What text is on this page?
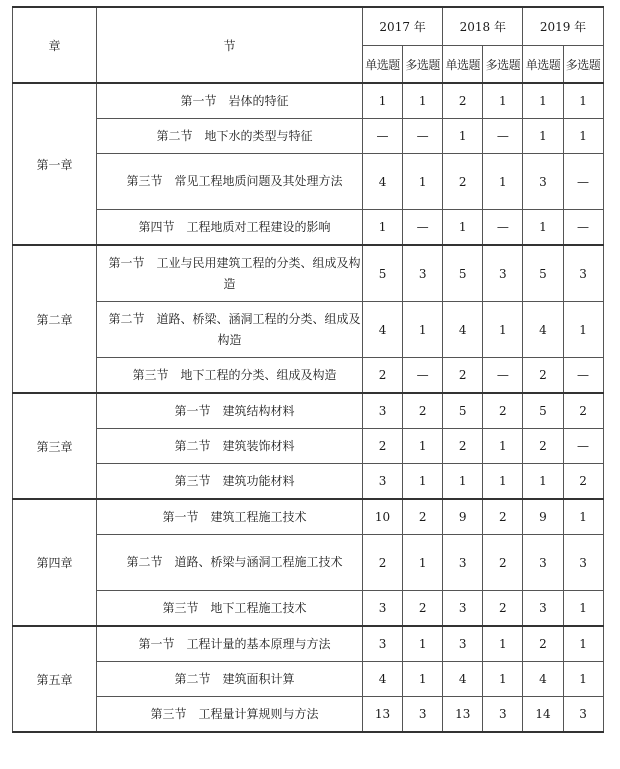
章	节	2017 年		2018 年		2019 年	
		单选题	多选题	单选题	多选题	单选题	多选题
第一章	第一节　岩体的特征	1	1	2	1	1	1
	第二节　地下水的类型与特征	—	—	1	—	1	1
	第三节　常见工程地质问题及其处理方法	4	1	2	1	3	—
	第四节　工程地质对工程建设的影响	1	—	1	—	1	—
第二章	第一节　工业与民用建筑工程的分类、组成及构造	5	3	5	3	5	3
	第二节　道路、桥梁、涵洞工程的分类、组成及构造	4	1	4	1	4	1
	第三节　地下工程的分类、组成及构造	2	—	2	—	2	—
第三章	第一节　建筑结构材料	3	2	5	2	5	2
	第二节　建筑装饰材料	2	1	2	1	2	—
	第三节　建筑功能材料	3	1	1	1	1	2
第四章	第一节　建筑工程施工技术	10	2	9	2	9	1
	第二节　道路、桥梁与涵洞工程施工技术	2	1	3	2	3	3
	第三节　地下工程施工技术	3	2	3	2	3	1
第五章	第一节　工程计量的基本原理与方法	3	1	3	1	2	1
	第二节　建筑面积计算	4	1	4	1	4	1
	第三节　工程量计算规则与方法	13	3	13	3	14	3
